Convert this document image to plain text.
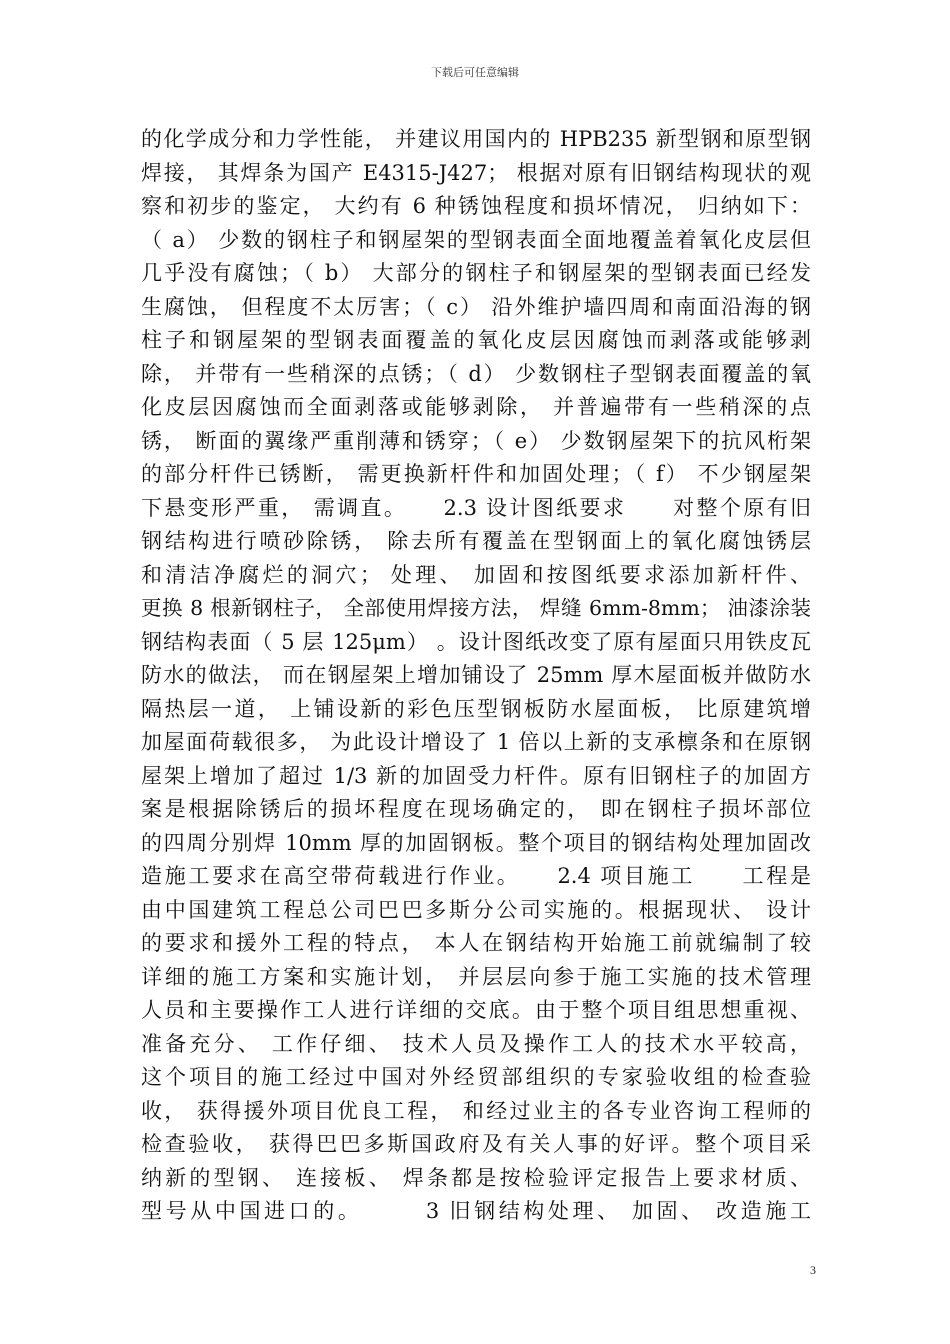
下载后可任意编辑
的化学成分和力学性能， 并建议用国内的 HPB235 新型钢和原型钢
焊接， 其焊条为国产 E4315-J427； 根据对原有旧钢结构现状的观
察和初步的鉴定， 大约有 6 种锈蚀程度和损坏情况， 归纳如下：
（ a） 少数的钢柱子和钢屋架的型钢表面全面地覆盖着氧化皮层但
几乎没有腐蚀；（ b） 大部分的钢柱子和钢屋架的型钢表面已经发
生腐蚀， 但程度不太厉害；（ c） 沿外维护墙四周和南面沿海的钢
柱子和钢屋架的型钢表面覆盖的氧化皮层因腐蚀而剥落或能够剥
除， 并带有一些稍深的点锈；（ d） 少数钢柱子型钢表面覆盖的氧
化皮层因腐蚀而全面剥落或能够剥除， 并普遍带有一些稍深的点
锈， 断面的翼缘严重削薄和锈穿；（ e） 少数钢屋架下的抗风桁架
的部分杆件已锈断， 需更换新杆件和加固处理；（ f） 不少钢屋架
下悬变形严重， 需调直。　　2.3 设计图纸要求　　对整个原有旧
钢结构进行喷砂除锈， 除去所有覆盖在型钢面上的氧化腐蚀锈层
和清洁净腐烂的洞穴； 处理、 加固和按图纸要求添加新杆件、
更换 8 根新钢柱子， 全部使用焊接方法， 焊缝 6mm-8mm； 油漆涂装
钢结构表面（ 5 层 125μm） 。设计图纸改变了原有屋面只用铁皮瓦
防水的做法， 而在钢屋架上增加铺设了 25mm 厚木屋面板并做防水
隔热层一道， 上铺设新的彩色压型钢板防水屋面板， 比原建筑增
加屋面荷载很多， 为此设计增设了 1 倍以上新的支承檩条和在原钢
屋架上增加了超过 1/3 新的加固受力杆件。原有旧钢柱子的加固方
案是根据除锈后的损坏程度在现场确定的， 即在钢柱子损坏部位
的四周分别焊 10mm 厚的加固钢板。整个项目的钢结构处理加固改
造施工要求在高空带荷载进行作业。　　2.4 项目施工　　工程是
由中国建筑工程总公司巴巴多斯分公司实施的。根据现状、 设计
的要求和援外工程的特点， 本人在钢结构开始施工前就编制了较
详细的施工方案和实施计划， 并层层向参于施工实施的技术管理
人员和主要操作工人进行详细的交底。由于整个项目组思想重视、
准备充分、 工作仔细、 技术人员及操作工人的技术水平较高，
这个项目的施工经过中国对外经贸部组织的专家验收组的检查验
收， 获得援外项目优良工程， 和经过业主的各专业咨询工程师的
检查验收， 获得巴巴多斯国政府及有关人事的好评。整个项目采
纳新的型钢、 连接板、 焊条都是按检验评定报告上要求材质、
型号从中国进口的。　　　3 旧钢结构处理、 加固、 改造施工
3
